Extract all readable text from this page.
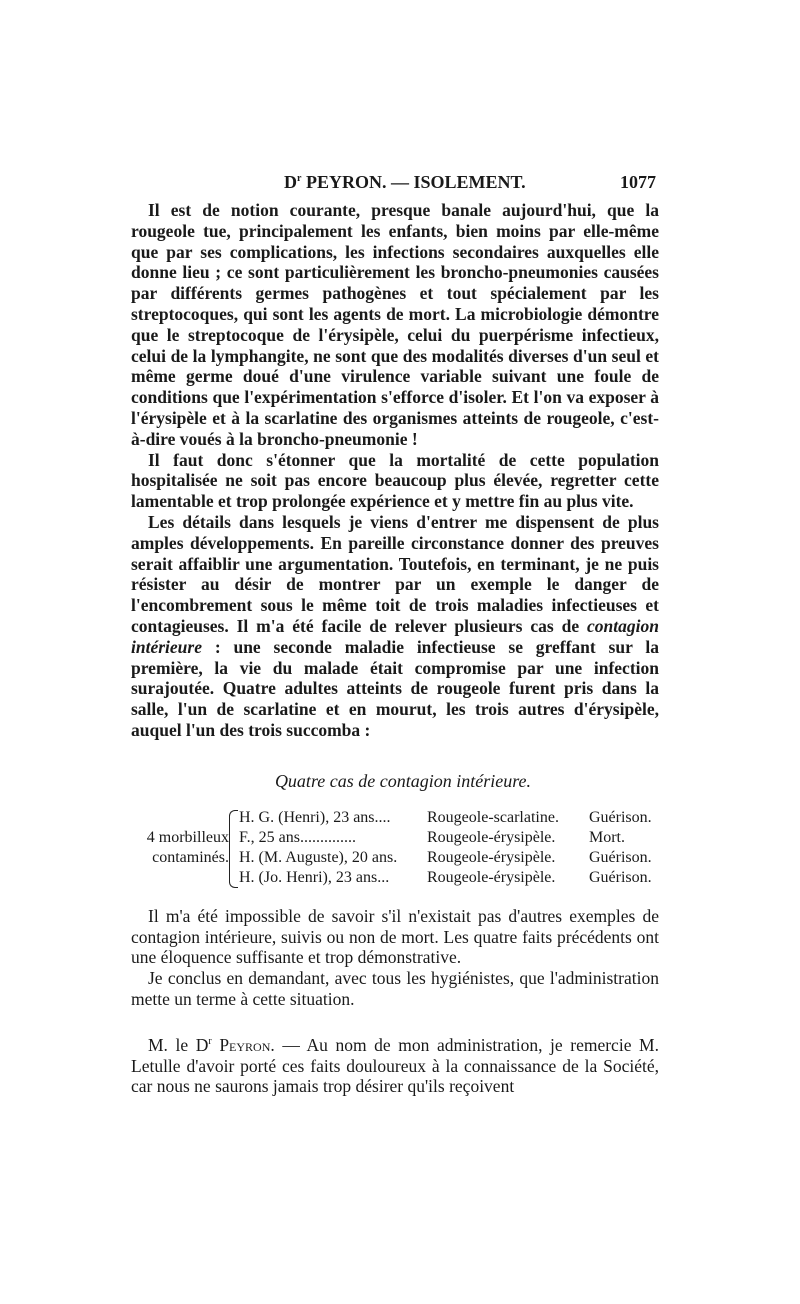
$D^r$ PEYRON. — ISOLEMENT.	1077

Il est de notion courante, presque banale aujourd'hui, que la rougeole tue, principalement les enfants, bien moins par elle-même que par ses complications, les infections secondaires auxquelles elle donne lieu ; ce sont particulièrement les broncho-pneumonies causées par différents germes pathogènes et tout spécialement par les streptocoques, qui sont les agents de mort. La microbiologie démontre que le streptocoque de l'érysipèle, celui du puerpérisme infectieux, celui de la lymphangite, ne sont que des modalités diverses d'un seul et même germe doué d'une virulence variable suivant une foule de conditions que l'expérimentation s'efforce d'isoler. Et l'on va exposer à l'érysipèle et à la scarlatine des organismes atteints de rougeole, c'est-à-dire voués à la broncho-pneumonie !

Il faut donc s'étonner que la mortalité de cette population hospitalisée ne soit pas encore beaucoup plus élevée, regretter cette lamentable et trop prolongée expérience et y mettre fin au plus vite.

Les détails dans lesquels je viens d'entrer me dispensent de plus amples développements. En pareille circonstance donner des preuves serait affaiblir une argumentation. Toutefois, en terminant, je ne puis résister au désir de montrer par un exemple le danger de l'encombrement sous le même toit de trois maladies infectieuses et contagieuses. Il m'a été facile de relever plusieurs cas de contagion intérieure : une seconde maladie infectieuse se greffant sur la première, la vie du malade était compromise par une infection surajoutée. Quatre adultes atteints de rougeole furent pris dans la salle, l'un de scarlatine et en mourut, les trois autres d'érysipèle, auquel l'un des trois succomba :

Quatre cas de contagion intérieure.
4 morbilleux
contaminés.
H. G. (Henri), 23 ans.... Rougeole-scarlatine. Guérison.
F., 25 ans..............	Rougeole-érysipèle. Mort.
H. (M. Auguste), 20 ans. Rougeole-érysipèle. Guérison.
H. (Jo. Henri), 23 ans... Rougeole-érysipèle. Guérison.

Il m'a été impossible de savoir s'il n'existait pas d'autres exemples de contagion intérieure, suivis ou non de mort. Les quatre faits précédents ont une éloquence suffisante et trop démonstrative.

Je conclus en demandant, avec tous les hygiénistes, que l'administration mette un terme à cette situation.

M. le $D^r$ Peyron. — Au nom de mon administration, je remercie M. Letulle d'avoir porté ces faits douloureux à la connaissance de la Société, car nous ne saurons jamais trop désirer qu'ils reçoivent
